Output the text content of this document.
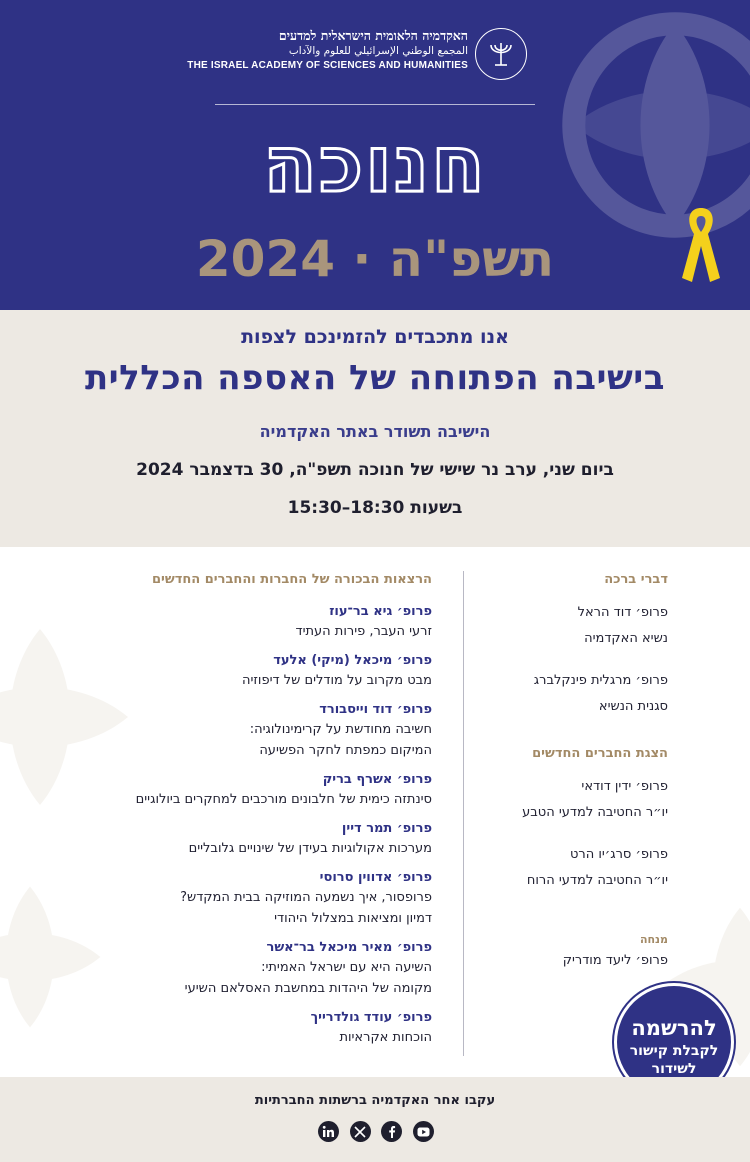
האקדמיה הלאומית הישראלית למדעים
المجمع الوطني الإسرائيلي للعلوم والآداب
THE ISRAEL ACADEMY OF SCIENCES AND HUMANITIES
חנוכה
תשפ"ה · 2024
אנו מתכבדים להזמינכם לצפות
בישיבה הפתוחה של האספה הכללית
הישיבה תשודר באתר האקדמיה
ביום שני, ערב נר שישי של חנוכה תשפ"ה, 30 בדצמבר 2024
בשעות 18:30–15:30
דברי ברכה
פרופ׳ דוד הראל
נשיא האקדמיה
פרופ׳ מרגלית פינקלברג
סגנית הנשיא
הצגת החברים החדשים
פרופ׳ ידין דודאי
יו״ר החטיבה למדעי הטבע
פרופ׳ סרג׳יו הרט
יו״ר החטיבה למדעי הרוח
מנחה
פרופ׳ ליעד מודריק
הרצאות הבכורה של החברות והחברים החדשים
פרופ׳ גיא בר־עוז
זרעי העבר, פירות העתיד
פרופ׳ מיכאל (מיקי) אלעד
מבט מקרוב על מודלים של דיפוזיה
פרופ׳ דוד וייסבורד
חשיבה מחודשת על קרימינולוגיה:
המיקום כמפתח לחקר הפשיעה
פרופ׳ אשרף בריק
סינתזה כימית של חלבונים מורכבים למחקרים ביולוגיים
פרופ׳ תמר דיין
מערכות אקולוגיות בעידן של שינויים גלובליים
פרופ׳ אדווין סרוסי
פרופסור, איך נשמעה המוזיקה בבית המקדש?
דמיון ומציאות במצלול היהודי
פרופ׳ מאיר מיכאל בר־אשר
השיעה היא עם ישראל האמיתי:
מקומה של היהדות במחשבת האסלאם השיעי
פרופ׳ עודד גולדרייך
הוכחות אקראיות	להרשמה
לקבלת קישור
לשידור
עקבו אחר האקדמיה ברשתות החברתיות
